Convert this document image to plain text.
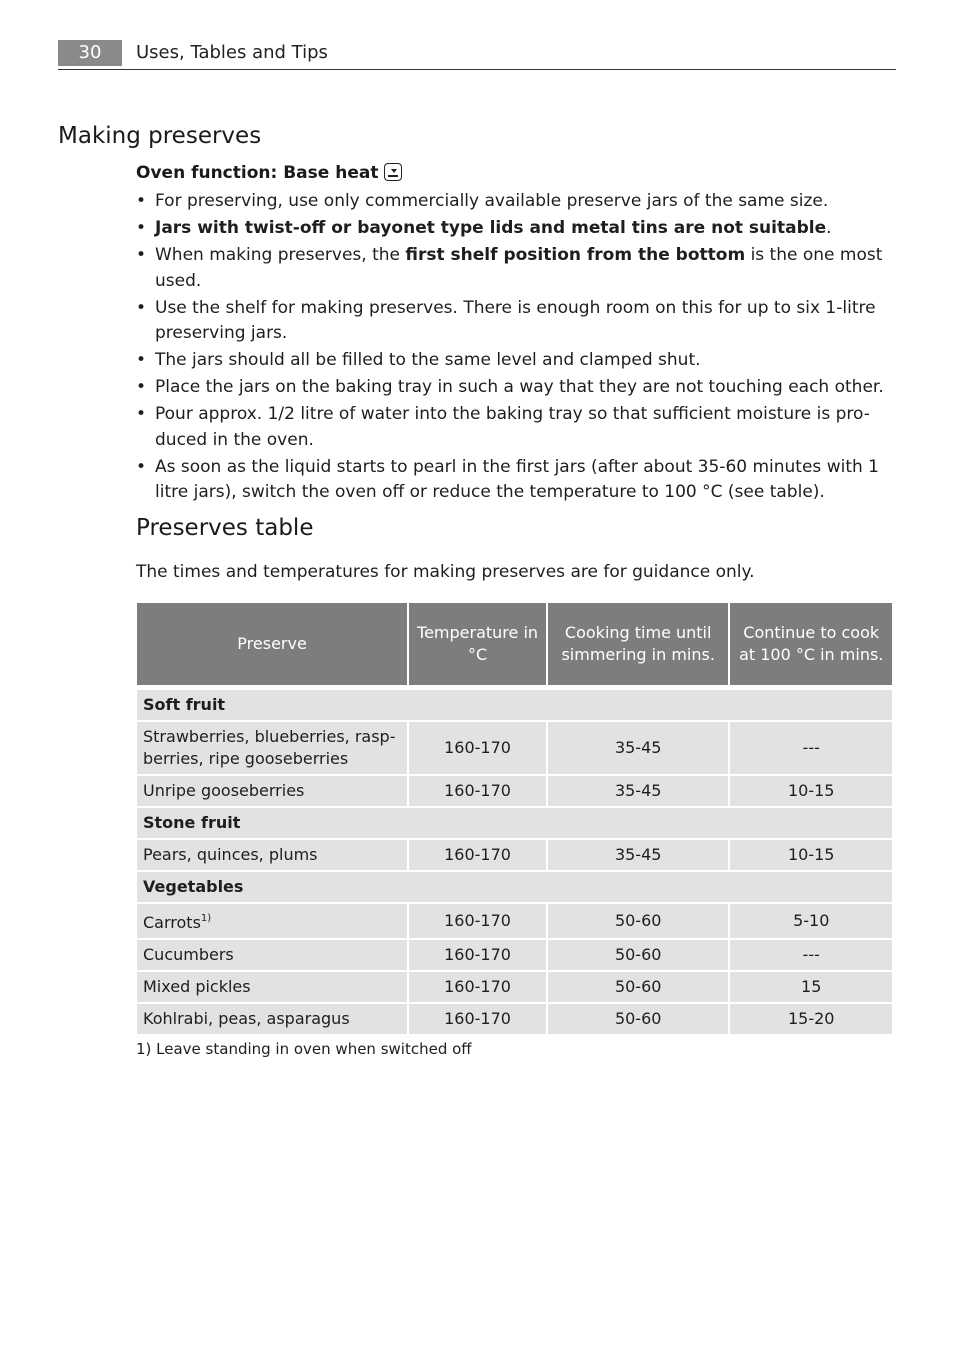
30	Uses, Tables and Tips
Making preserves
Oven function: Base heat
• For preserving, use only commercially available preserve jars of the same size.
• Jars with twist-off or bayonet type lids and metal tins are not suitable.
• When making preserves, the first shelf position from the bottom is the one most used.
• Use the shelf for making preserves. There is enough room on this for up to six 1-litre preserving jars.
• The jars should all be filled to the same level and clamped shut.
• Place the jars on the baking tray in such a way that they are not touching each other.
• Pour approx. 1/2 litre of water into the baking tray so that sufficient moisture is pro-duced in the oven.
• As soon as the liquid starts to pearl in the first jars (after about 35-60 minutes with 1 litre jars), switch the oven off or reduce the temperature to 100 °C (see table).
Preserves table
The times and temperatures for making preserves are for guidance only.
Preserve	Temperature in °C	Cooking time until simmering in mins.	Continue to cook at 100 °C in mins.

Soft fruit			
Strawberries, blueberries, rasp-berries, ripe gooseberries	160-170	35-45	---
Unripe gooseberries	160-170	35-45	10-15
Stone fruit			
Pears, quinces, plums	160-170	35-45	10-15
Vegetables			
Carrots$^{1)}$	160-170	50-60	5-10
Cucumbers	160-170	50-60	---
Mixed pickles	160-170	50-60	15
Kohlrabi, peas, asparagus	160-170	50-60	15-20
1) Leave standing in oven when switched off
